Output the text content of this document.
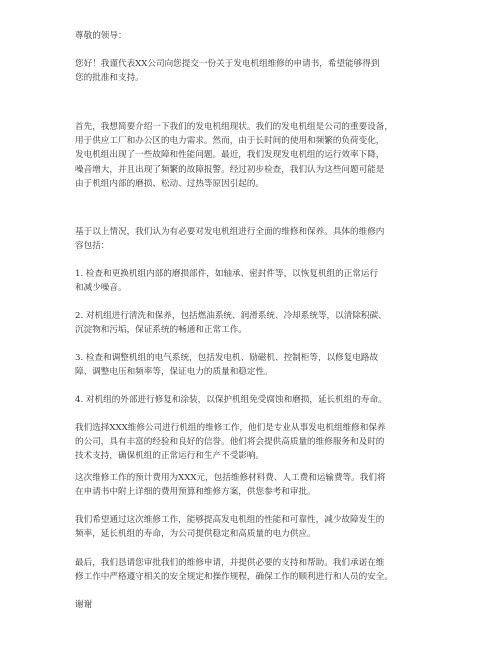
尊敬的领导：

您好！我谨代表XX公司向您提交一份关于发电机组维修的申请书，希望能够得到
您的批准和支持。

首先，我想简要介绍一下我们的发电机组现状。我们的发电机组是公司的重要设备，
用于供应工厂和办公区的电力需求。然而，由于长时间的使用和频繁的负荷变化，
发电机组出现了一些故障和性能问题。最近，我们发现发电机组的运行效率下降，
噪音增大，并且出现了频繁的故障报警。经过初步检查，我们认为这些问题可能是
由于机组内部的磨损、松动、过热等原因引起的。

基于以上情况，我们认为有必要对发电机组进行全面的维修和保养。具体的维修内
容包括：

1. 检查和更换机组内部的磨损部件，如轴承、密封件等，以恢复机组的正常运行
和减少噪音。

2. 对机组进行清洗和保养，包括燃油系统、润滑系统、冷却系统等，以清除积碳、
沉淀物和污垢，保证系统的畅通和正常工作。

3. 检查和调整机组的电气系统，包括发电机、励磁机、控制柜等，以修复电路故
障、调整电压和频率等，保证电力的质量和稳定性。

4. 对机组的外部进行修复和涂装，以保护机组免受腐蚀和磨损，延长机组的寿命。

我们选择XXX维修公司进行机组的维修工作，他们是专业从事发电机组维修和保养
的公司，具有丰富的经验和良好的信誉。他们将会提供高质量的维修服务和及时的
技术支持，确保机组的正常运行和生产不受影响。

这次维修工作的预计费用为XXX元，包括维修材料费、人工费和运输费等。我们将
在申请书中附上详细的费用预算和维修方案，供您参考和审批。

我们希望通过这次维修工作，能够提高发电机组的性能和可靠性，减少故障发生的
频率，延长机组的寿命，为公司提供稳定和高质量的电力供应。

最后，我们恳请您审批我们的维修申请，并提供必要的支持和帮助。我们承诺在维
修工作中严格遵守相关的安全规定和操作规程，确保工作的顺利进行和人员的安全。

谢谢
